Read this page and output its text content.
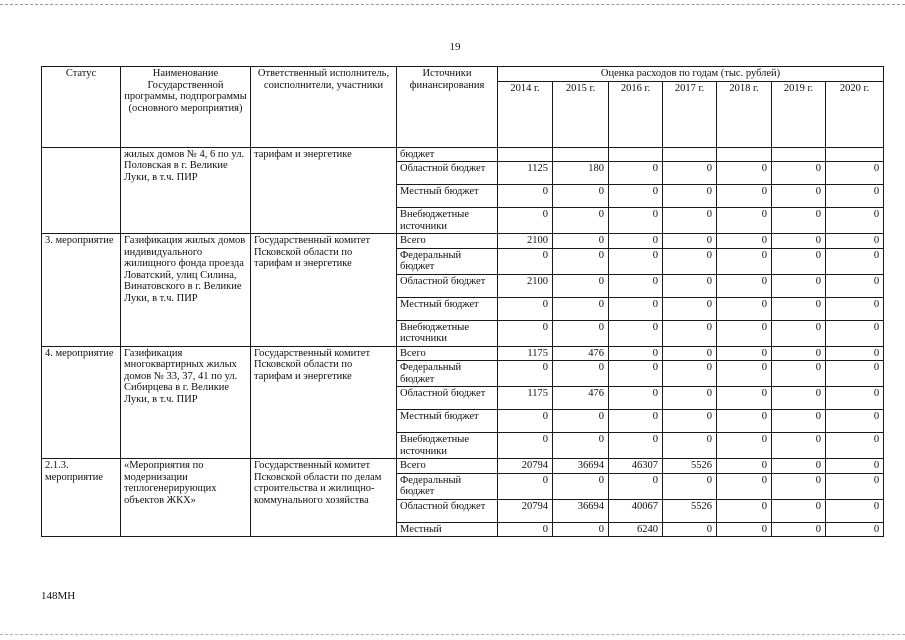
19
Статус	Наименование Государственной программы, подпрограммы (основного мероприятия)	Ответственный исполнитель, соисполнители, участники	Источники финансирования	Оценка расходов по годам (тыс. рублей)						
				2014 г.	2015 г.	2016 г.	2017 г.	2018 г.	2019 г.	2020 г.
	жилых домов № 4, 6 по ул. Половская в г. Великие Луки, в т.ч. ПИР	тарифам и энергетике	бюджет							
			Областной бюджет	1125	180	0	0	0	0	0
			Местный бюджет	0	0	0	0	0	0	0
			Внебюджетные источники	0	0	0	0	0	0	0
3. мероприятие	Газификация жилых домов индивидуального жилищного фонда проезда Ловатский, улиц Силина, Винатовского в г. Великие Луки, в т.ч. ПИР	Государственный комитет Псковской области по тарифам и энергетике	Всего	2100	0	0	0	0	0	0
			Федеральный бюджет	0	0	0	0	0	0	0
			Областной бюджет	2100	0	0	0	0	0	0
			Местный бюджет	0	0	0	0	0	0	0
			Внебюджетные источники	0	0	0	0	0	0	0
4. мероприятие	Газификация многоквартирных жилых домов № 33, 37, 41 по ул. Сибирцева в г. Великие Луки, в т.ч. ПИР	Государственный комитет Псковской области по тарифам и энергетике	Всего	1175	476	0	0	0	0	0
			Федеральный бюджет	0	0	0	0	0	0	0
			Областной бюджет	1175	476	0	0	0	0	0
			Местный бюджет	0	0	0	0	0	0	0
			Внебюджетные источники	0	0	0	0	0	0	0
2.1.3. мероприятие	«Мероприятия по модернизации теплогенерирующих объектов ЖКХ»	Государственный комитет Псковской области по делам строительства и жилищно-коммунального хозяйства	Всего	20794	36694	46307	5526	0	0	0
			Федеральный бюджет	0	0	0	0	0	0	0
			Областной бюджет	20794	36694	40067	5526	0	0	0
			Местный	0	0	6240	0	0	0	0
148МН
